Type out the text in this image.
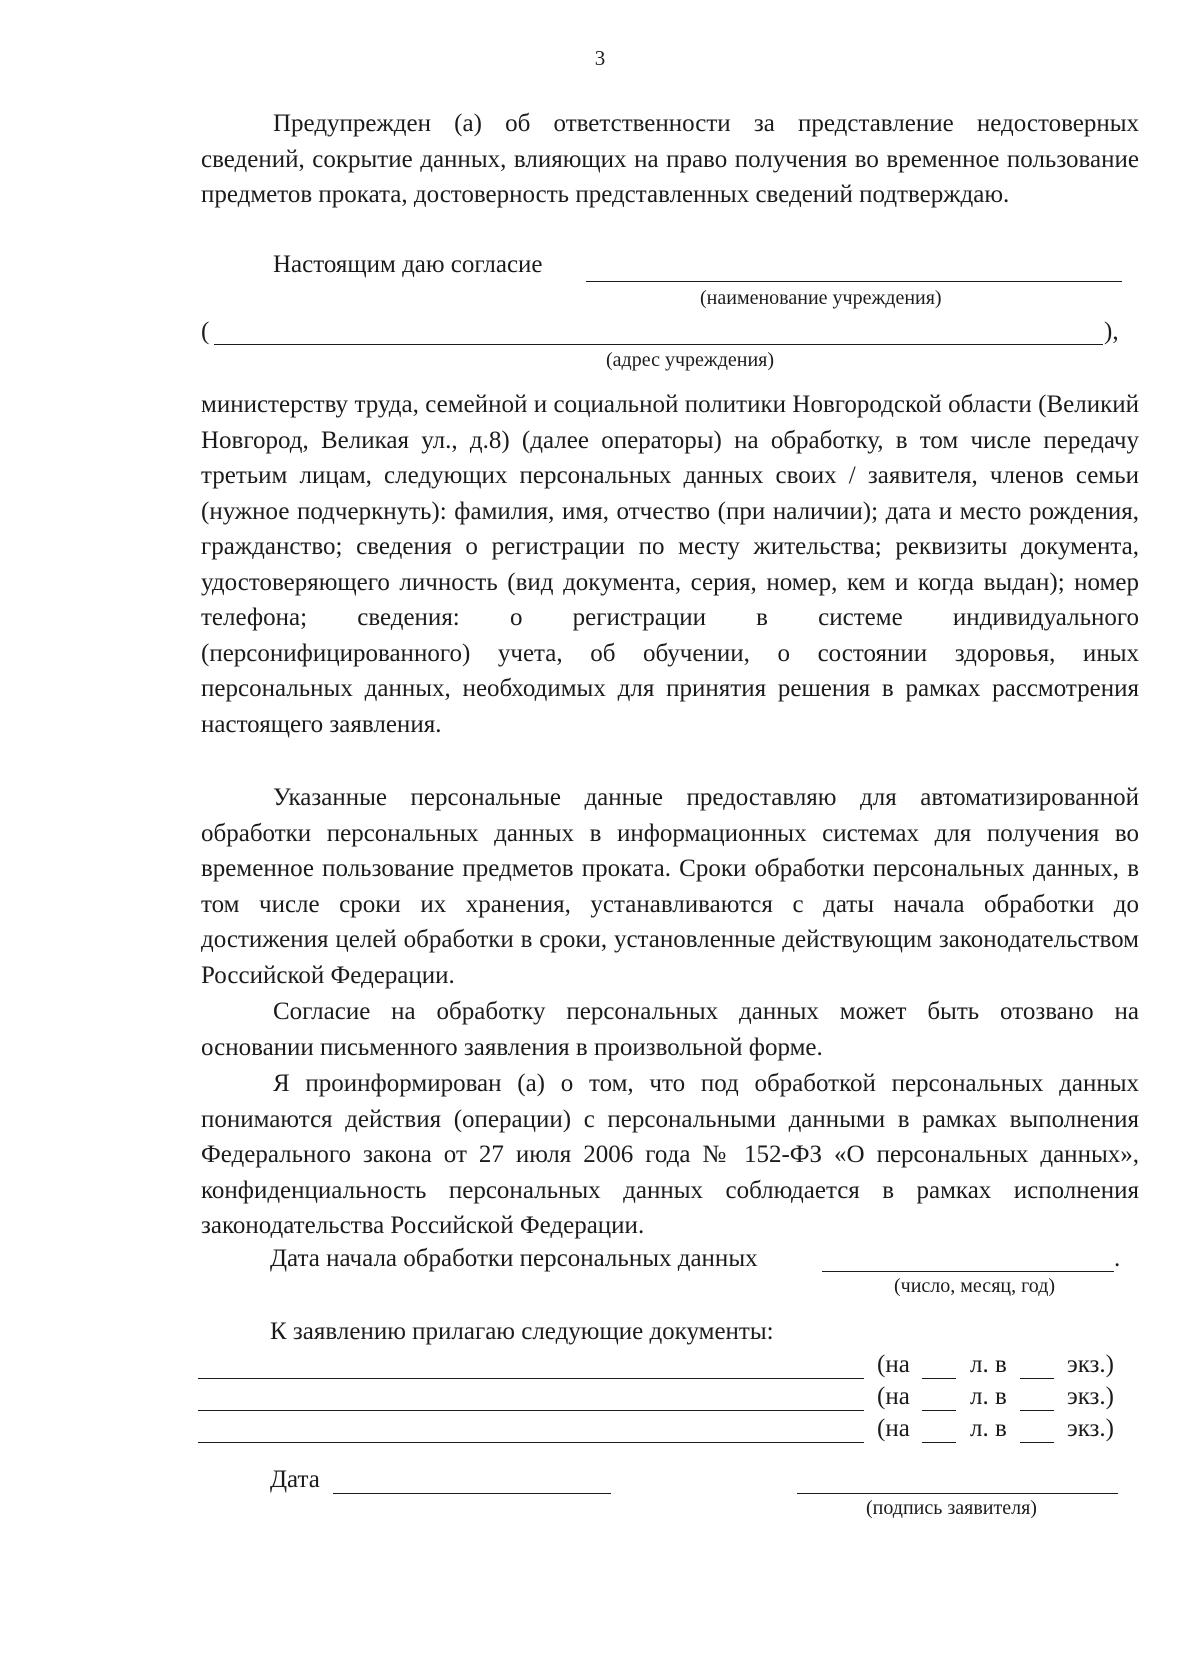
3
Предупрежден (а) об ответственности за представление недостоверных сведений, сокрытие данных, влияющих на право получения во временное пользование предметов проката, достоверность представленных сведений подтверждаю.
Настоящим даю согласие
(наименование учреждения)
(	),
(адрес учреждения)
министерству труда, семейной и социальной политики Новгородской области (Великий Новгород, Великая ул., д.8) (далее операторы) на обработку, в том числе передачу третьим лицам, следующих персональных данных своих / заявителя, членов семьи (нужное подчеркнуть): фамилия, имя, отчество (при наличии); дата и место рождения, гражданство; сведения о регистрации по месту жительства; реквизиты документа, удостоверяющего личность (вид документа, серия, номер, кем и когда выдан); номер телефона; сведения: о регистрации в системе индивидуального (персонифицированного) учета, об обучении, о состоянии здоровья, иных персональных данных, необходимых для принятия решения в рамках рассмотрения настоящего заявления.
Указанные персональные данные предоставляю для автоматизированной обработки персональных данных в информационных системах для получения во временное пользование предметов проката. Сроки обработки персональных данных, в том числе сроки их хранения, устанавливаются с даты начала обработки до достижения целей обработки в сроки, установленные действующим законодательством Российской Федерации.
Согласие на обработку персональных данных может быть отозвано на основании письменного заявления в произвольной форме.
Я проинформирован (а) о том, что под обработкой персональных данных понимаются действия (операции) с персональными данными в рамках выполнения Федерального закона от 27 июля 2006 года № 152-ФЗ «О персональных данных», конфиденциальность персональных данных соблюдается в рамках исполнения законодательства Российской Федерации.
Дата начала обработки персональных данных	.
(число, месяц, год)
К заявлению прилагаю следующие документы:
(на л. в экз.)
(на л. в экз.)
(на л. в экз.)
Дата
(подпись заявителя)
